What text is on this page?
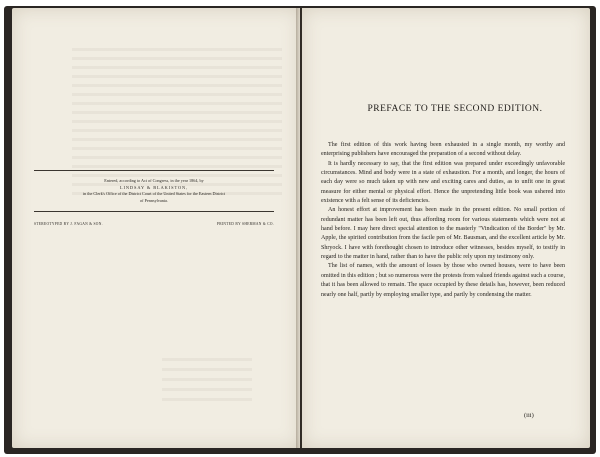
Entered, according to Act of Congress, in the year 1864, by
LINDSAY & BLAKISTON,
in the Clerk's Office of the District Court of the United States for the Eastern District
of Pennsylvania.
STEREOTYPED BY J. FAGAN & SON.	PRINTED BY SHERMAN & CO.
PREFACE TO THE SECOND EDITION.

The first edition of this work having been exhausted in a single month, my worthy and enterprising publishers have encouraged the preparation of a second without delay.

It is hardly necessary to say, that the first edition was prepared under exceedingly unfavorable circumstances. Mind and body were in a state of exhaustion. For a month, and longer, the hours of each day were so much taken up with new and exciting cares and duties, as to unfit one in great measure for either mental or physical effort. Hence the unpretending little book was ushered into existence with a felt sense of its deficiencies.

An honest effort at improvement has been made in the present edition. No small portion of redundant matter has been left out, thus affording room for various statements which were not at hand before. I may here direct special attention to the masterly "Vindication of the Border" by Mr. Apple, the spirited contribution from the facile pen of Mr. Bausman, and the excellent article by Mr. Shryock. I have with forethought chosen to introduce other witnesses, besides myself, to testify in regard to the matter in hand, rather than to have the public rely upon my testimony only.

The list of names, with the amount of losses by those who owned houses, were to have been omitted in this edition ; but so numerous were the protests from valued friends against such a course, that it has been allowed to remain. The space occupied by these details has, however, been reduced nearly one half, partly by employing smaller type, and partly by condensing the matter.

(iii)
